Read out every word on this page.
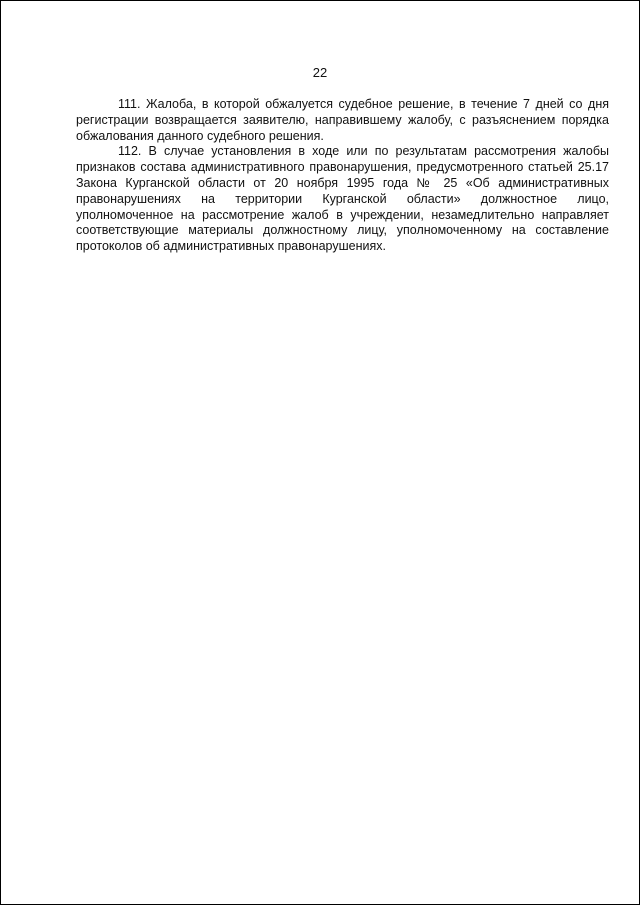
22

111. Жалоба, в которой обжалуется судебное решение, в течение 7 дней со дня регистрации возвращается заявителю, направившему жалобу, с разъяснением порядка обжалования данного судебного решения.

112. В случае установления в ходе или по результатам рассмотрения жалобы признаков состава административного правонарушения, предусмотренного статьей 25.17 Закона Курганской области от 20 ноября 1995 года № 25 «Об административных правонарушениях на территории Курганской области» должностное лицо, уполномоченное на рассмотрение жалоб в учреждении, незамедлительно направляет соответствующие материалы должностному лицу, уполномоченному на составление протоколов об административных правонарушениях.
